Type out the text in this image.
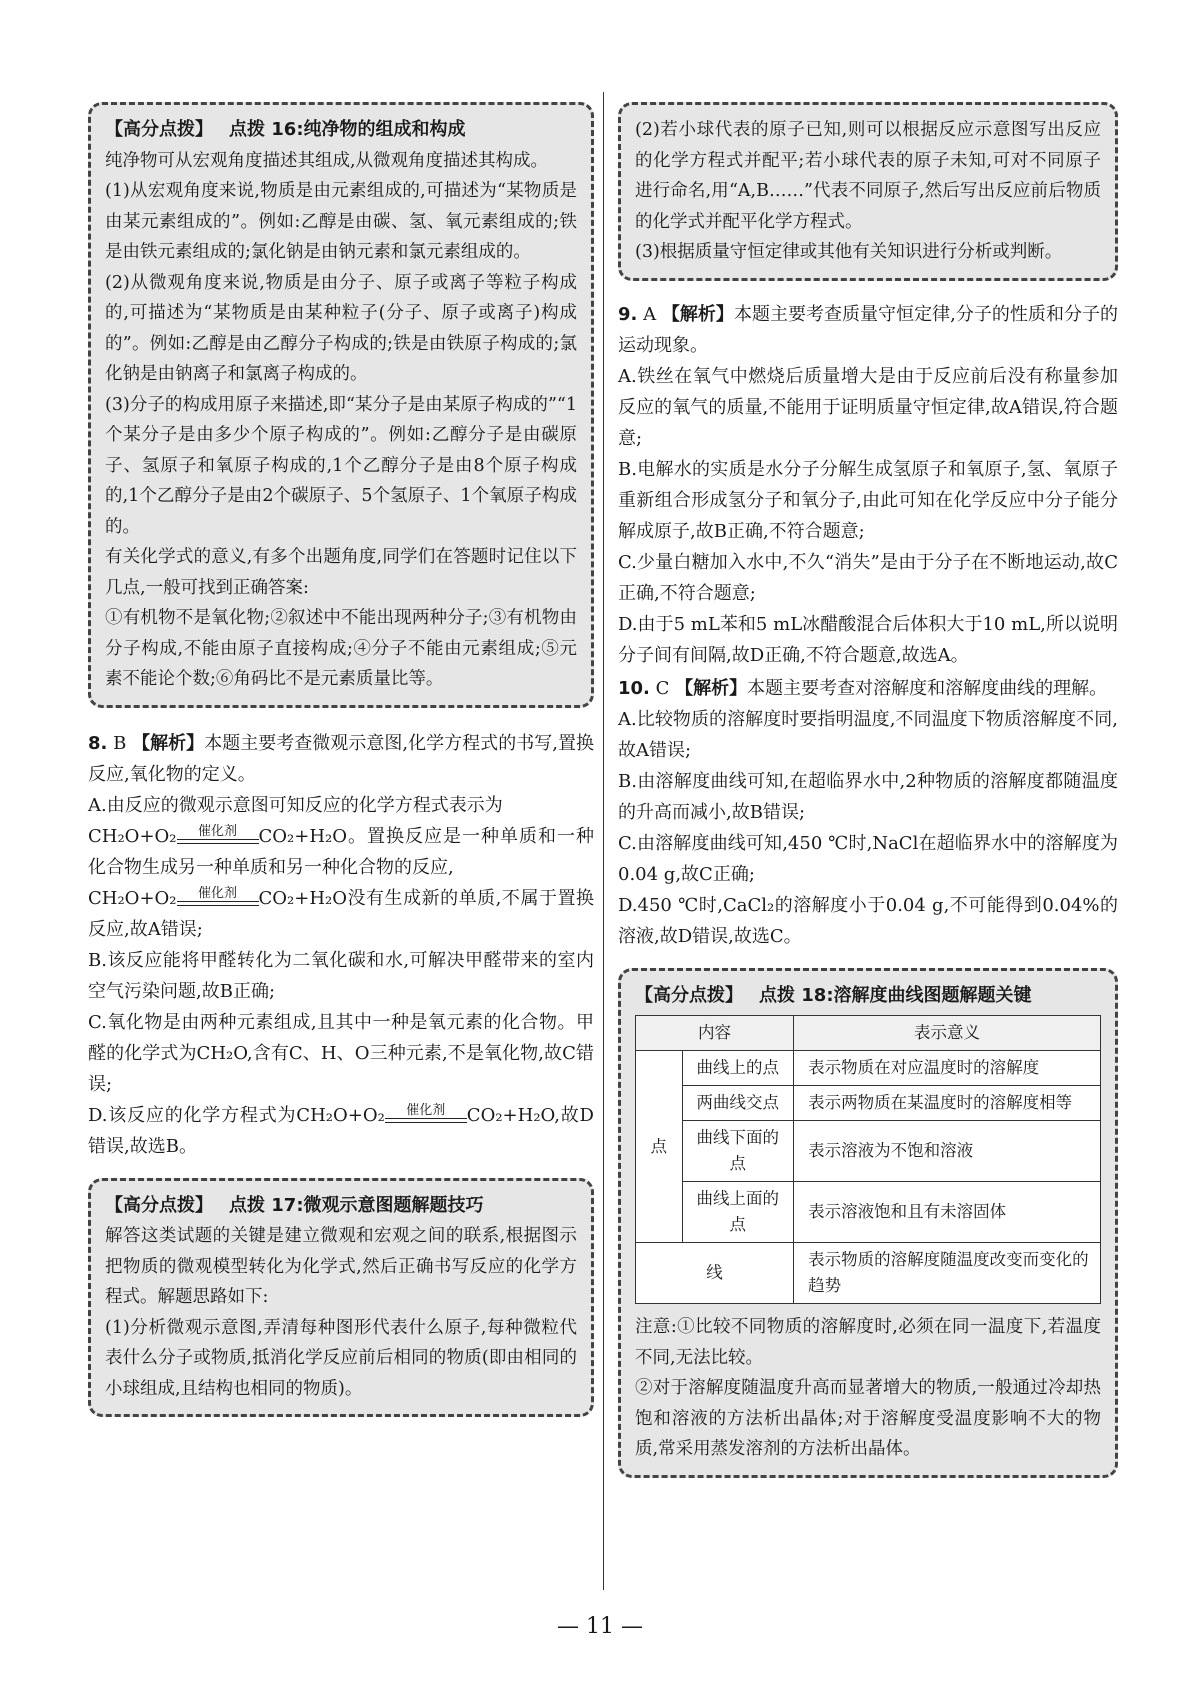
【高分点拨】 点拨 16:纯净物的组成和构成

纯净物可从宏观角度描述其组成,从微观角度描述其构成。

(1)从宏观角度来说,物质是由元素组成的,可描述为“某物质是由某元素组成的”。例如:乙醇是由碳、氢、氧元素组成的;铁是由铁元素组成的;氯化钠是由钠元素和氯元素组成的。

(2)从微观角度来说,物质是由分子、原子或离子等粒子构成的,可描述为“某物质是由某种粒子(分子、原子或离子)构成的”。例如:乙醇是由乙醇分子构成的;铁是由铁原子构成的;氯化钠是由钠离子和氯离子构成的。

(3)分子的构成用原子来描述,即“某分子是由某原子构成的”“1个某分子是由多少个原子构成的”。例如:乙醇分子是由碳原子、氢原子和氧原子构成的,1个乙醇分子是由8个原子构成的,1个乙醇分子是由2个碳原子、5个氢原子、1个氧原子构成的。

有关化学式的意义,有多个出题角度,同学们在答题时记住以下几点,一般可找到正确答案:

①有机物不是氧化物;②叙述中不能出现两种分子;③有机物由分子构成,不能由原子直接构成;④分子不能由元素组成;⑤元素不能论个数;⑥角码比不是元素质量比等。

8. B 【解析】本题主要考查微观示意图,化学方程式的书写,置换反应,氧化物的定义。

A.由反应的微观示意图可知反应的化学方程式表示为

CH₂O+O₂	催化剂	CO₂+H₂O。置换反应是一种单质和一种化合物生成另一种单质和另一种化合物的反应,

CH₂O+O₂	催化剂	CO₂+H₂O没有生成新的单质,不属于置换反应,故A错误;

B.该反应能将甲醛转化为二氧化碳和水,可解决甲醛带来的室内空气污染问题,故B正确;

C.氧化物是由两种元素组成,且其中一种是氧元素的化合物。甲醛的化学式为CH₂O,含有C、H、O三种元素,不是氧化物,故C错误;

D.该反应的化学方程式为CH₂O+O₂	催化剂	CO₂+H₂O,故D错误,故选B。

【高分点拨】 点拨 17:微观示意图题解题技巧

解答这类试题的关键是建立微观和宏观之间的联系,根据图示把物质的微观模型转化为化学式,然后正确书写反应的化学方程式。解题思路如下:

(1)分析微观示意图,弄清每种图形代表什么原子,每种微粒代表什么分子或物质,抵消化学反应前后相同的物质(即由相同的小球组成,且结构也相同的物质)。

(2)若小球代表的原子已知,则可以根据反应示意图写出反应的化学方程式并配平;若小球代表的原子未知,可对不同原子进行命名,用“A,B……”代表不同原子,然后写出反应前后物质的化学式并配平化学方程式。

(3)根据质量守恒定律或其他有关知识进行分析或判断。

9. A 【解析】本题主要考查质量守恒定律,分子的性质和分子的运动现象。

A.铁丝在氧气中燃烧后质量增大是由于反应前后没有称量参加反应的氧气的质量,不能用于证明质量守恒定律,故A错误,符合题意;

B.电解水的实质是水分子分解生成氢原子和氧原子,氢、氧原子重新组合形成氢分子和氧分子,由此可知在化学反应中分子能分解成原子,故B正确,不符合题意;

C.少量白糖加入水中,不久“消失”是由于分子在不断地运动,故C正确,不符合题意;

D.由于5 mL苯和5 mL冰醋酸混合后体积大于10 mL,所以说明分子间有间隔,故D正确,不符合题意,故选A。

10. C 【解析】本题主要考查对溶解度和溶解度曲线的理解。

A.比较物质的溶解度时要指明温度,不同温度下物质溶解度不同,故A错误;

B.由溶解度曲线可知,在超临界水中,2种物质的溶解度都随温度的升高而减小,故B错误;

C.由溶解度曲线可知,450 ℃时,NaCl在超临界水中的溶解度为0.04 g,故C正确;

D.450 ℃时,CaCl₂的溶解度小于0.04 g,不可能得到0.04%的溶液,故D错误,故选C。

【高分点拨】 点拨 18:溶解度曲线图题解题关键
内容		表示意义
点	曲线上的点	表示物质在对应温度时的溶解度
	两曲线交点	表示两物质在某温度时的溶解度相等
	曲线下面的点	表示溶液为不饱和溶液
	曲线上面的点	表示溶液饱和且有未溶固体
线		表示物质的溶解度随温度改变而变化的趋势

注意:①比较不同物质的溶解度时,必须在同一温度下,若温度不同,无法比较。

②对于溶解度随温度升高而显著增大的物质,一般通过冷却热饱和溶液的方法析出晶体;对于溶解度受温度影响不大的物质,常采用蒸发溶剂的方法析出晶体。

— 11 —
